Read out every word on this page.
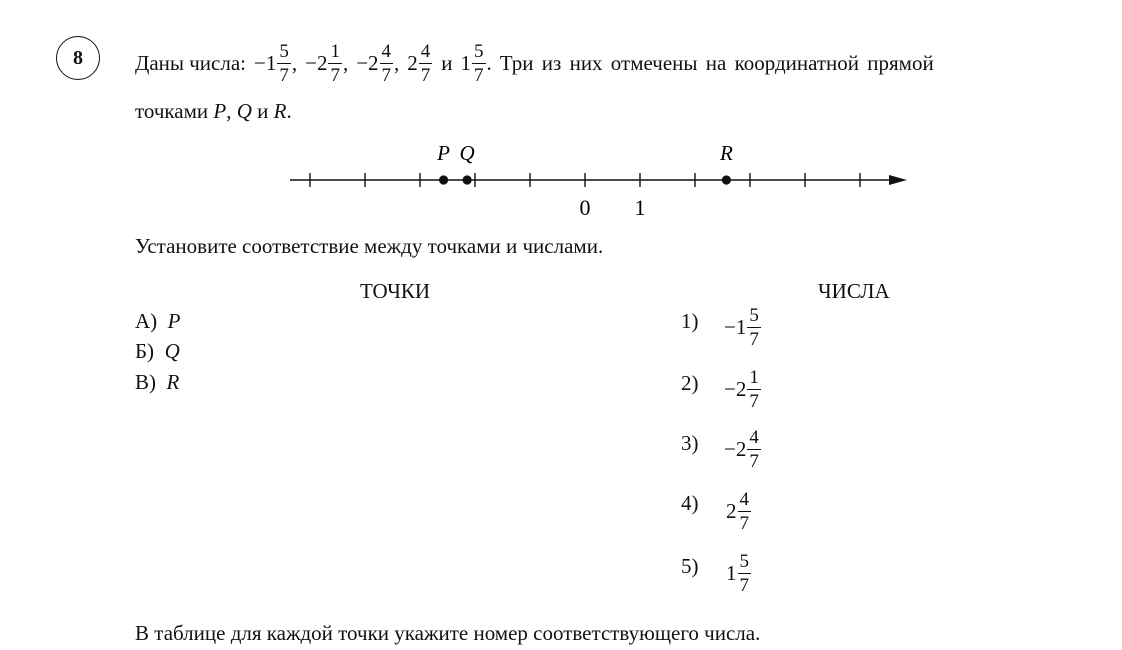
8 Даны числа: − $1 \frac{5}{7}$ , − $2 \frac{1}{7}$ , − $2 \frac{4}{7}$ , $2 \frac{4}{7}$ и $1 \frac{5}{7}$ . Три из них отмечены на координатной прямой
точками P, Q и R.
0 1
P Q	R
Установите соответствие между точками и числами.
ТОЧКИ	ЧИСЛА
А) P
Б) Q
В) R
$1) - 1 \frac{5}{7}$
$2) - 2 \frac{1}{7}$
$3) - 2 \frac{4}{7}$
4) $2 \frac{4}{7}$
5) $1 \frac{5}{7}$
В таблице для каждой точки укажите номер соответствующего числа.
